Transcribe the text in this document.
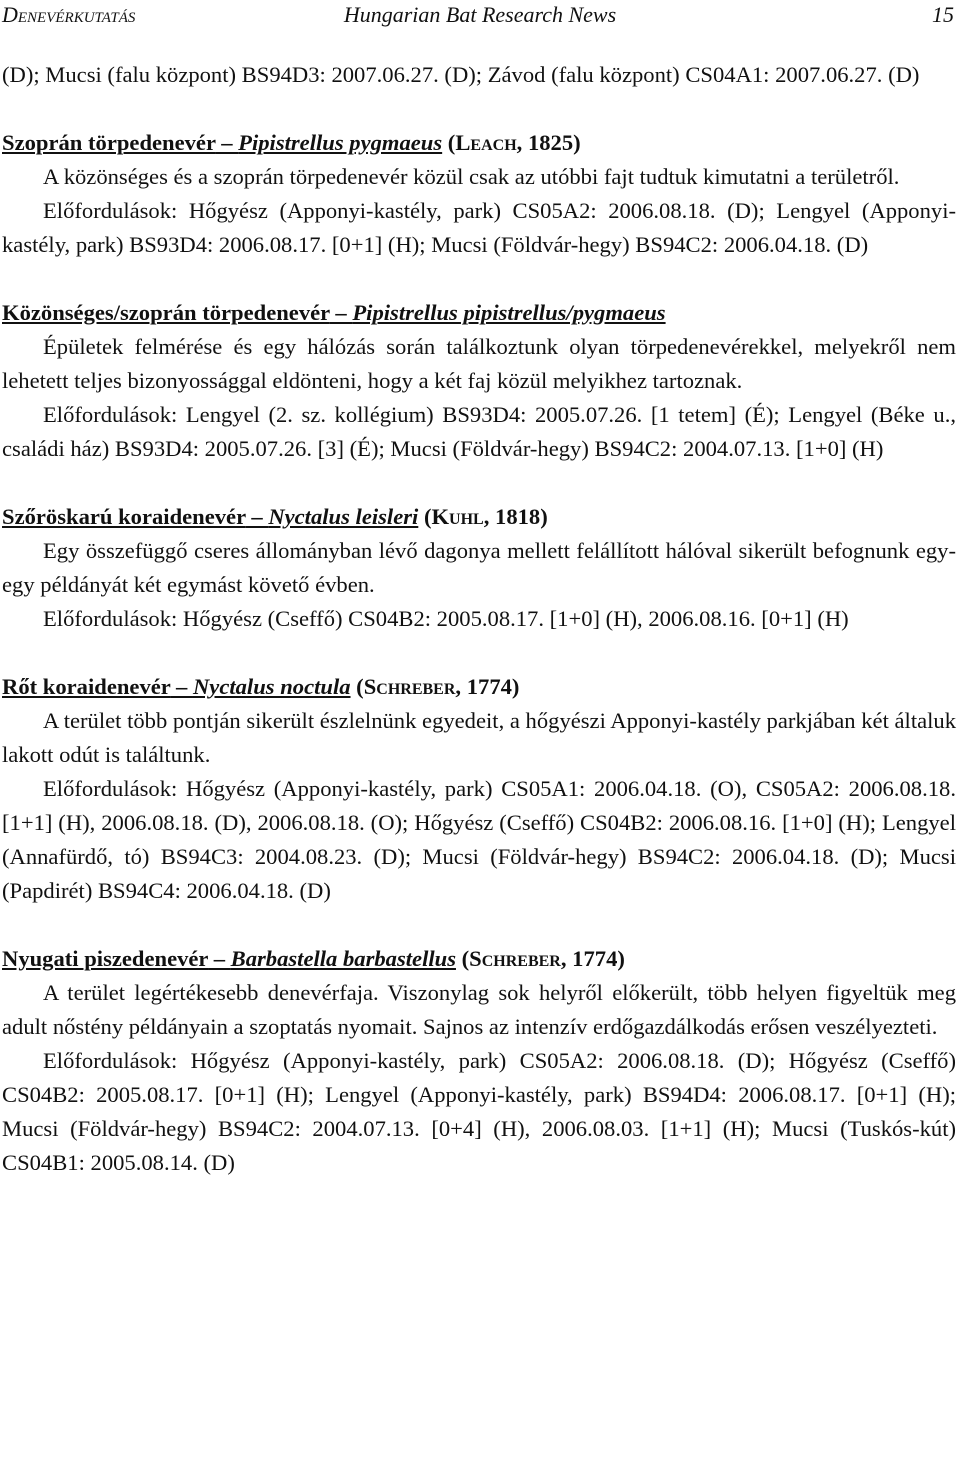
Denevérkutatás	Hungarian Bat Research News	15

(D); Mucsi (falu központ) BS94D3: 2007.06.27. (D); Závod (falu központ) CS04A1: 2007.06.27. (D)

Szoprán törpedenevér – Pipistrellus pygmaeus (Leach, 1825)

A közönséges és a szoprán törpedenevér közül csak az utóbbi fajt tudtuk kimutatni a területről.

Előfordulások: Hőgyész (Apponyi-kastély, park) CS05A2: 2006.08.18. (D); Lengyel (Apponyi-kastély, park) BS93D4: 2006.08.17. [0+1] (H); Mucsi (Földvár-hegy) BS94C2: 2006.04.18. (D)

Közönséges/szoprán törpedenevér – Pipistrellus pipistrellus/pygmaeus

Épületek felmérése és egy hálózás során találkoztunk olyan törpedenevérekkel, melyekről nem lehetett teljes bizonyossággal eldönteni, hogy a két faj közül melyikhez tartoznak.

Előfordulások: Lengyel (2. sz. kollégium) BS93D4: 2005.07.26. [1 tetem] (É); Lengyel (Béke u., családi ház) BS93D4: 2005.07.26. [3] (É); Mucsi (Földvár-hegy) BS94C2: 2004.07.13. [1+0] (H)

Szőröskarú koraidenevér – Nyctalus leisleri (Kuhl, 1818)

Egy összefüggő cseres állományban lévő dagonya mellett felállított hálóval sikerült befognunk egy-egy példányát két egymást követő évben.

Előfordulások: Hőgyész (Cseffő) CS04B2: 2005.08.17. [1+0] (H), 2006.08.16. [0+1] (H)

Rőt koraidenevér – Nyctalus noctula (Schreber, 1774)

A terület több pontján sikerült észlelnünk egyedeit, a hőgyészi Apponyi-kastély parkjában két általuk lakott odút is találtunk.

Előfordulások: Hőgyész (Apponyi-kastély, park) CS05A1: 2006.04.18. (O), CS05A2: 2006.08.18. [1+1] (H), 2006.08.18. (D), 2006.08.18. (O); Hőgyész (Cseffő) CS04B2: 2006.08.16. [1+0] (H); Lengyel (Annafürdő, tó) BS94C3: 2004.08.23. (D); Mucsi (Földvár-hegy) BS94C2: 2006.04.18. (D); Mucsi (Papdirét) BS94C4: 2006.04.18. (D)

Nyugati piszedenevér – Barbastella barbastellus (Schreber, 1774)

A terület legértékesebb denevérfaja. Viszonylag sok helyről előkerült, több helyen figyeltük meg adult nőstény példányain a szoptatás nyomait. Sajnos az intenzív erdőgazdálkodás erősen veszélyezteti.

Előfordulások: Hőgyész (Apponyi-kastély, park) CS05A2: 2006.08.18. (D); Hőgyész (Cseffő) CS04B2: 2005.08.17. [0+1] (H); Lengyel (Apponyi-kastély, park) BS94D4: 2006.08.17. [0+1] (H); Mucsi (Földvár-hegy) BS94C2: 2004.07.13. [0+4] (H), 2006.08.03. [1+1] (H); Mucsi (Tuskós-kút) CS04B1: 2005.08.14. (D)
